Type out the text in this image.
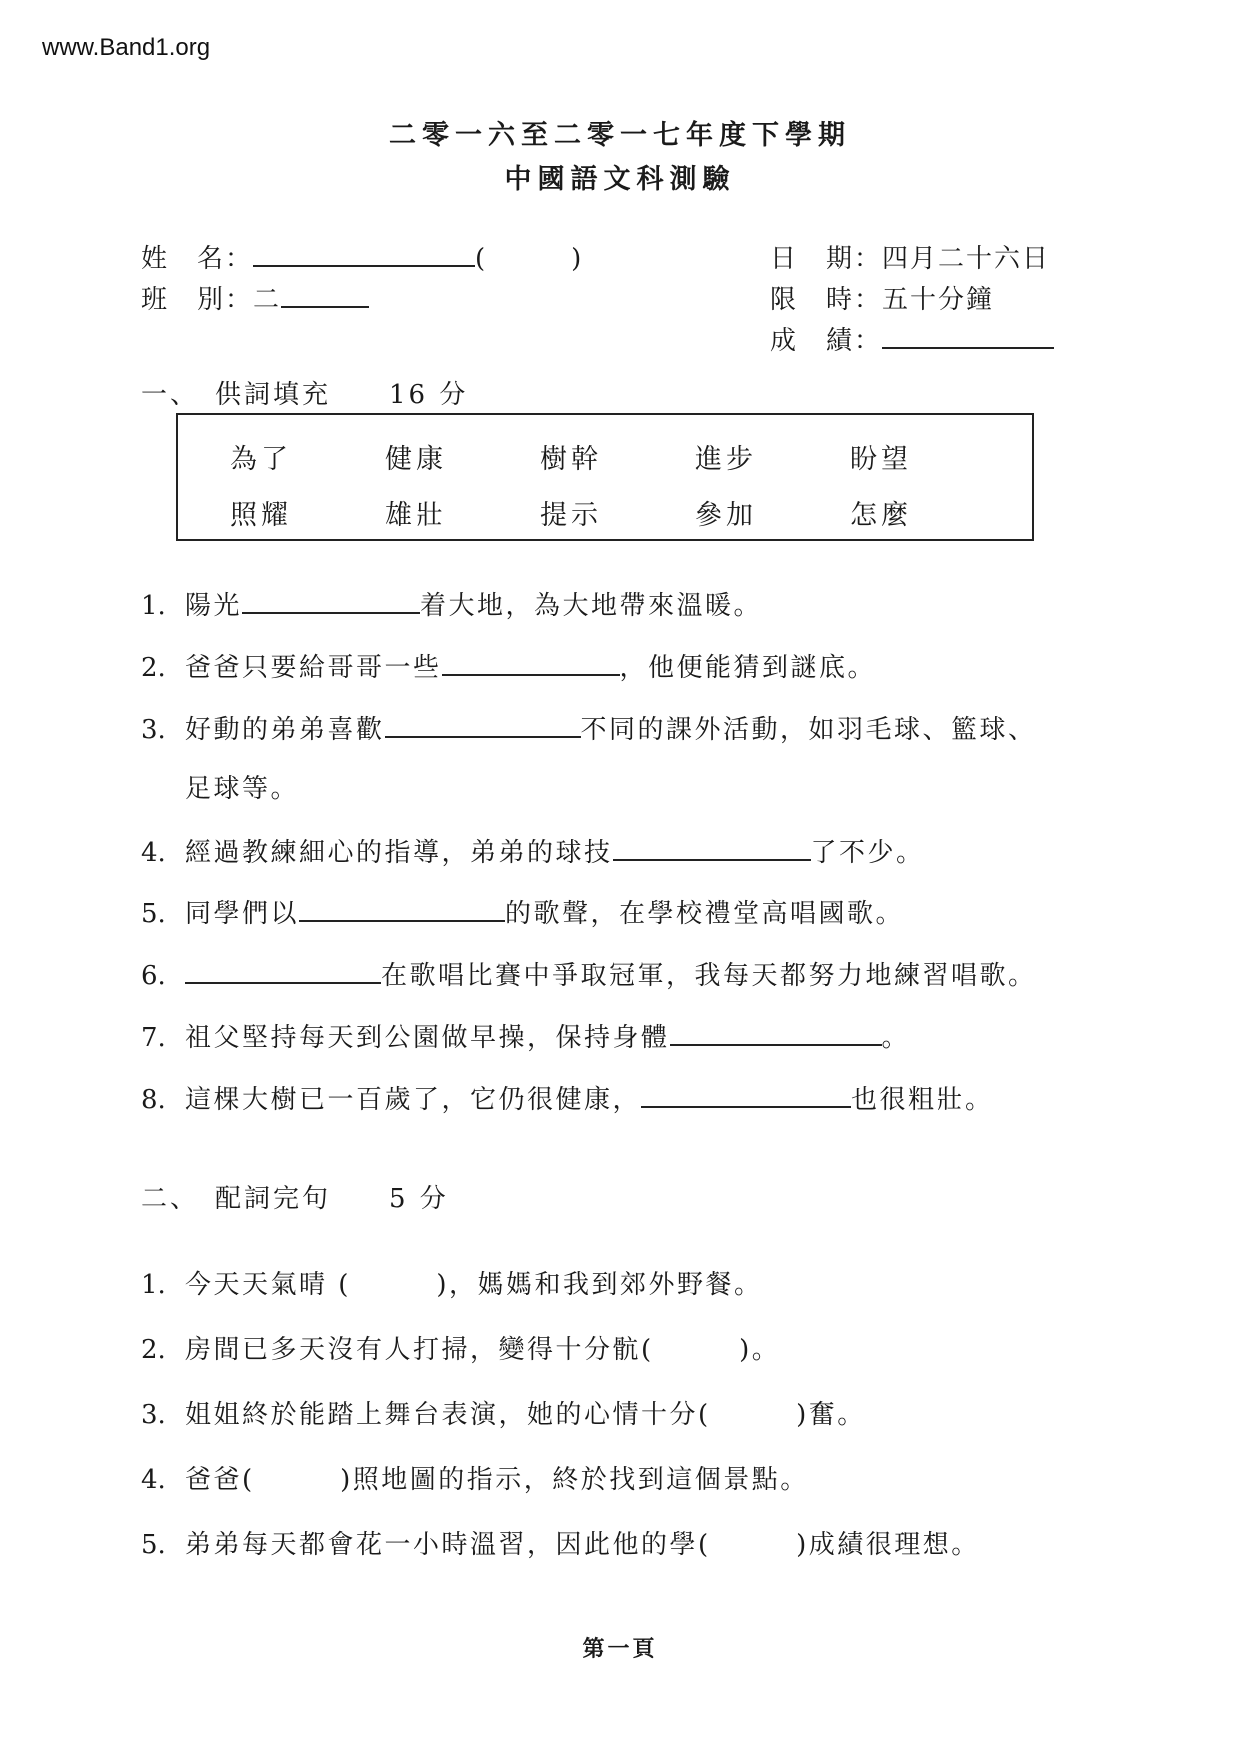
www.Band1.org
二零一六至二零一七年度下學期
中國語文科測驗
姓　名：	(　　　)
班　別：二
日　期：四月二十六日
限　時：五十分鐘
成　績：
一、　供詞填充　　16 分
為了	健康	樹幹	進步	盼望
照耀	雄壯	提示	參加	怎麼
1. 陽光	着大地，為大地帶來溫暖。
2. 爸爸只要給哥哥一些	，他便能猜到謎底。
3. 好動的弟弟喜歡	不同的課外活動，如羽毛球、籃球、
足球等。
4. 經過教練細心的指導，弟弟的球技	了不少。
5. 同學們以	的歌聲，在學校禮堂高唱國歌。
6.	在歌唱比賽中爭取冠軍，我每天都努力地練習唱歌。
7. 祖父堅持每天到公園做早操，保持身體	。
8. 這棵大樹已一百歲了，它仍很健康，	也很粗壯。
二、　配詞完句　　5 分
1. 今天天氣晴 (　　　)，媽媽和我到郊外野餐。
2. 房間已多天沒有人打掃，變得十分骯(　　　)。
3. 姐姐終於能踏上舞台表演，她的心情十分(　　　)奮。
4. 爸爸(　　　)照地圖的指示，終於找到這個景點。
5. 弟弟每天都會花一小時溫習，因此他的學(　　　)成績很理想。
第一頁
